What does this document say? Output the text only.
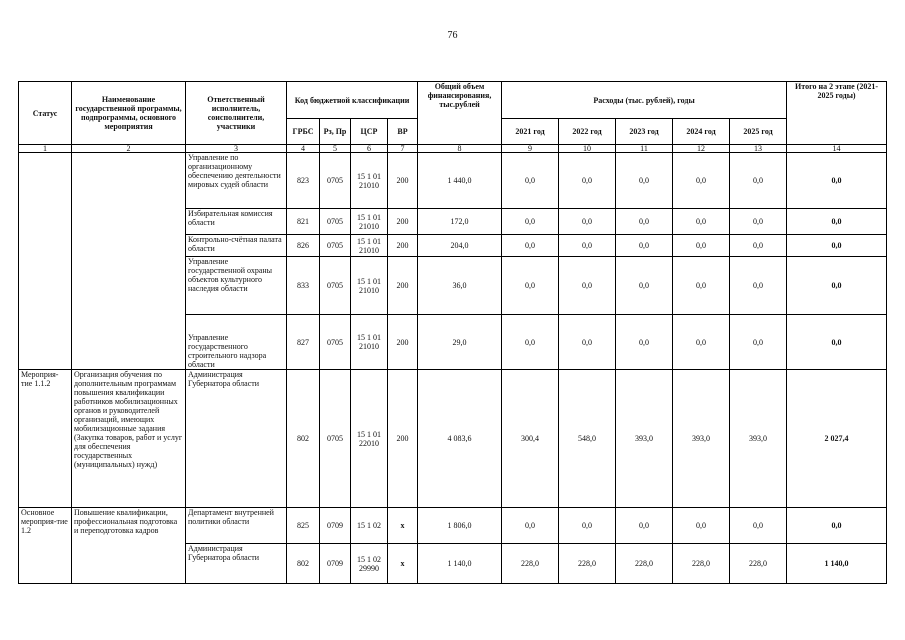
76
Статус	Наименование государственной программы, подпрограммы, основного мероприятия	Ответственный исполнитель, соисполнители, участники	Код бюджетной классификации				Общий объем финансирования, тыс.рублей	Расходы (тыс. рублей), годы					Итого на 2 этапе (2021-2025 годы)
			ГРБС	Рз, Пр	ЦСР	ВР		2021 год	2022 год	2023 год	2024 год	2025 год	
1	2	3	4	5	6	7	8	9	10	11	12	13	14
		Управление по организационному обеспечению деятельности мировых судей области	823	0705	15 1 01 21010	200	1 440,0	0,0	0,0	0,0	0,0	0,0	0,0
		Избирательная комиссия области	821	0705	15 1 01 21010	200	172,0	0,0	0,0	0,0	0,0	0,0	0,0
		Контрольно-счётная палата области	826	0705	15 1 01 21010	200	204,0	0,0	0,0	0,0	0,0	0,0	0,0
		Управление государственной охраны объектов культурного наследия области	833	0705	15 1 01 21010	200	36,0	0,0	0,0	0,0	0,0	0,0	0,0
		Управление государственного строительного надзора области	827	0705	15 1 01 21010	200	29,0	0,0	0,0	0,0	0,0	0,0	0,0
Мероприя-тие 1.1.2	Организация обучения по дополнительным программам повышения квалификации работников мобилизационных органов и руководителей организаций, имеющих мобилизационные задания (Закупка товаров, работ и услуг для обеспечения государственных (муниципальных) нужд)	Администрация Губернатора области	802	0705	15 1 01 22010	200	4 083,6	300,4	548,0	393,0	393,0	393,0	2 027,4
Основное мероприя-тие 1.2	Повышение квалификации, профессиональная подготовка и переподготовка кадров	Департамент внутренней политики области	825	0709	15 1 02	х	1 806,0	0,0	0,0	0,0	0,0	0,0	0,0
		Администрация Губернатора области	802	0709	15 1 02 29990	х	1 140,0	228,0	228,0	228,0	228,0	228,0	1 140,0
